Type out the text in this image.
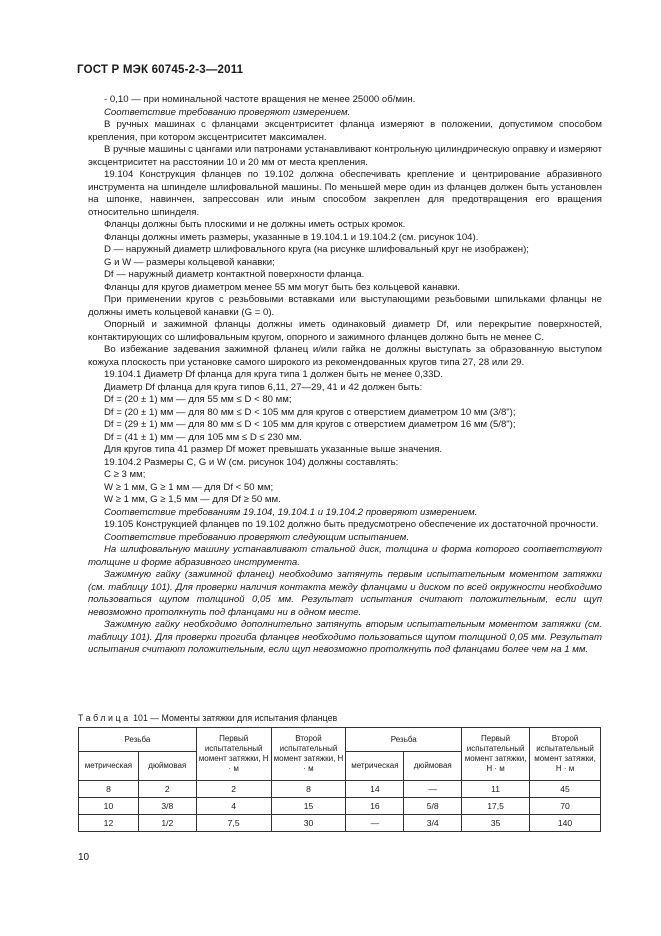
ГОСТ Р МЭК 60745-2-3—2011

- 0,10 — при номинальной частоте вращения не менее 25000 об/мин.

Соответствие требованию проверяют измерением.

В ручных машинах с фланцами эксцентриситет фланца измеряют в положении, допустимом способом крепления, при котором эксцентриситет максимален.

В ручные машины с цангами или патронами устанавливают контрольную цилиндрическую оправку и измеряют эксцентриситет на расстоянии 10 и 20 мм от места крепления.

19.104 Конструкция фланцев по 19.102 должна обеспечивать крепление и центрирование абразивного инструмента на шпинделе шлифовальной машины. По меньшей мере один из фланцев должен быть установлен на шпонке, навинчен, запрессован или иным способом закреплен для предотвращения его вращения относительно шпинделя.

Фланцы должны быть плоскими и не должны иметь острых кромок.

Фланцы должны иметь размеры, указанные в 19.104.1 и 19.104.2 (см. рисунок 104).

D — наружный диаметр шлифовального круга (на рисунке шлифовальный круг не изображен);

G и W — размеры кольцевой канавки;

Df — наружный диаметр контактной поверхности фланца.

Фланцы для кругов диаметром менее 55 мм могут быть без кольцевой канавки.

При применении кругов с резьбовыми вставками или выступающими резьбовыми шпильками фланцы не должны иметь кольцевой канавки (G = 0).

Опорный и зажимной фланцы должны иметь одинаковый диаметр Df, или перекрытие поверхностей, контактирующих со шлифовальным кругом, опорного и зажимного фланцев должно быть не менее C.

Во избежание задевания зажимной фланец и/или гайка не должны выступать за образованную выступом кожуха плоскость при установке самого широкого из рекомендованных кругов типа 27, 28 или 29.

19.104.1 Диаметр Df фланца для круга типа 1 должен быть не менее 0,33D.

Диаметр Df фланца для круга типов 6,11, 27—29, 41 и 42 должен быть:

Df = (20 ± 1) мм — для 55 мм ≤ D < 80 мм;

Df = (20 ± 1) мм — для 80 мм ≤ D < 105 мм для кругов с отверстием диаметром 10 мм (3/8");

Df = (29 ± 1) мм — для 80 мм ≤ D < 105 мм для кругов с отверстием диаметром 16 мм (5/8");

Df = (41 ± 1) мм — для 105 мм ≤ D ≤ 230 мм.

Для кругов типа 41 размер Df может превышать указанные выше значения.

19.104.2 Размеры C, G и W (см. рисунок 104) должны составлять:

C ≥ 3 мм;

W ≥ 1 мм, G ≥ 1 мм — для Df < 50 мм;

W ≥ 1 мм, G ≥ 1,5 мм — для Df ≥ 50 мм.

Соответствие требованиям 19.104, 19.104.1 и 19.104.2 проверяют измерением.

19.105 Конструкцией фланцев по 19.102 должно быть предусмотрено обеспечение их достаточной прочности.

Соответствие требованию проверяют следующим испытанием.

На шлифовальную машину устанавливают стальной диск, толщина и форма которого соответствуют толщине и форме абразивного инструмента.

Зажимную гайку (зажимной фланец) необходимо затянуть первым испытательным моментом затяжки (см. таблицу 101). Для проверки наличия контакта между фланцами и диском по всей окружности необходимо пользоваться щупом толщиной 0,05 мм. Результат испытания считают положительным, если щуп невозможно протолкнуть под фланцами ни в одном месте.

Зажимную гайку необходимо дополнительно затянуть вторым испытательным моментом затяжки (см. таблицу 101). Для проверки прогиба фланцев необходимо пользоваться щупом толщиной 0,05 мм. Результат испытания считают положительным, если щуп невозможно протолкнуть под фланцами более чем на 1 мм.

Таблица 101 — Моменты затяжки для испытания фланцев
Резьба		Первый испытательный момент затяжки, Н · м	Второй испытательный момент затяжки, Н · м	Резьба		Первый испытательный момент затяжки, Н · м	Второй испытательный момент затяжки, Н · м
метрическая	дюймовая			метрическая	дюймовая		
8	2	2	8	14	—	11	45
10	3/8	4	15	16	5/8	17,5	70
12	1/2	7,5	30	—	3/4	35	140
10
